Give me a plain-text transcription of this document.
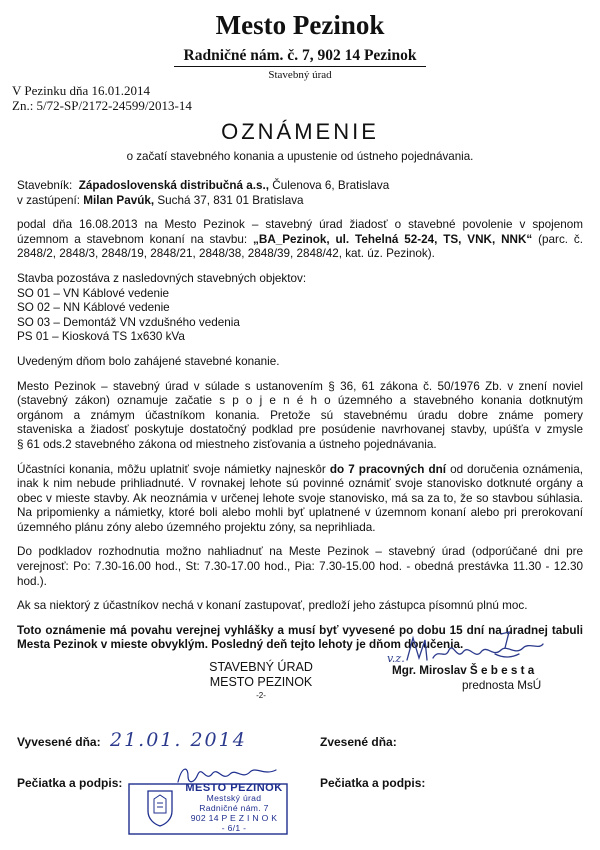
Mesto Pezinok
Radničné nám. č. 7, 902 14 Pezinok
Stavebný úrad
V Pezinku dňa 16.01.2014
Zn.: 5/72-SP/2172-24599/2013-14
OZNÁMENIE
o začatí stavebného konania a upustenie od ústneho pojednávania.
Stavebník: Západoslovenská distribučná a.s., Čulenova 6, Bratislava
v zastúpení: Milan Pavúk, Suchá 37, 831 01 Bratislava

podal dňa 16.08.2013 na Mesto Pezinok – stavebný úrad žiadosť o stavebné povolenie v spojenom územnom a stavebnom konaní na stavbu: „BA_Pezinok, ul. Tehelná 52-24, TS, VNK, NNK“ (parc. č. 2848/2, 2848/3, 2848/19, 2848/21, 2848/38, 2848/39, 2848/42, kat. úz. Pezinok).

Stavba pozostáva z nasledovných stavebných objektov:
SO 01 – VN Káblové vedenie
SO 02 – NN Káblové vedenie
SO 03 – Demontáž VN vzdušného vedenia
PS 01 – Kiosková TS 1x630 kVa

Uvedeným dňom bolo zahájené stavebné konanie.

Mesto Pezinok – stavebný úrad v súlade s ustanovením § 36, 61 zákona č. 50/1976 Zb. v znení noviel
(stavebný zákon) oznamuje začatie s p o j e n é h o územného a stavebného konania dotknutým
orgánom a známym účastníkom konania. Pretože sú stavebnému úradu dobre známe pomery
staveniska a žiadosť poskytuje dostatočný podklad pre posúdenie navrhovanej stavby, upúšťa v zmysle
§ 61 ods.2 stavebného zákona od miestneho zisťovania a ústneho pojednávania.

Účastníci konania, môžu uplatniť svoje námietky najneskôr do 7 pracovných dní od doručenia oznámenia, inak k nim nebude prihliadnuté. V rovnakej lehote sú povinné oznámiť svoje stanovisko dotknuté orgány a obec v mieste stavby. Ak neoznámia v určenej lehote svoje stanovisko, má sa za to, že so stavbou súhlasia. Na pripomienky a námietky, ktoré boli alebo mohli byť uplatnené v územnom konaní alebo pri prerokovaní územného plánu zóny alebo územného projektu zóny, sa neprihliada.

Do podkladov rozhodnutia možno nahliadnuť na Meste Pezinok – stavebný úrad (odporúčané dni pre verejnosť: Po: 7.30-16.00 hod., St: 7.30-17.00 hod., Pia: 7.30-15.00 hod. - obedná prestávka 11.30 - 12.30 hod.).

Ak sa niektorý z účastníkov nechá v konaní zastupovať, predloží jeho zástupca písomnú plnú moc.

Toto oznámenie má povahu verejnej vyhlášky a musí byť vyvesené po dobu 15 dní na úradnej tabuli Mesta Pezinok v mieste obvyklým. Posledný deň tejto lehoty je dňom doručenia.

STAVEBNÝ ÚRAD
MESTO PEZINOK
-2-
v.z.
Mgr. Miroslav Š e b e s t a
prednosta MsÚ
Vyvesené dňa: 21.01. 2014	Zvesené dňa:
Pečiatka a podpis:	Pečiatka a podpis:
MESTO PEZINOK
Mestský úrad
Radničné nám. 7
902 14 P E Z I N O K
- 6/1 -
